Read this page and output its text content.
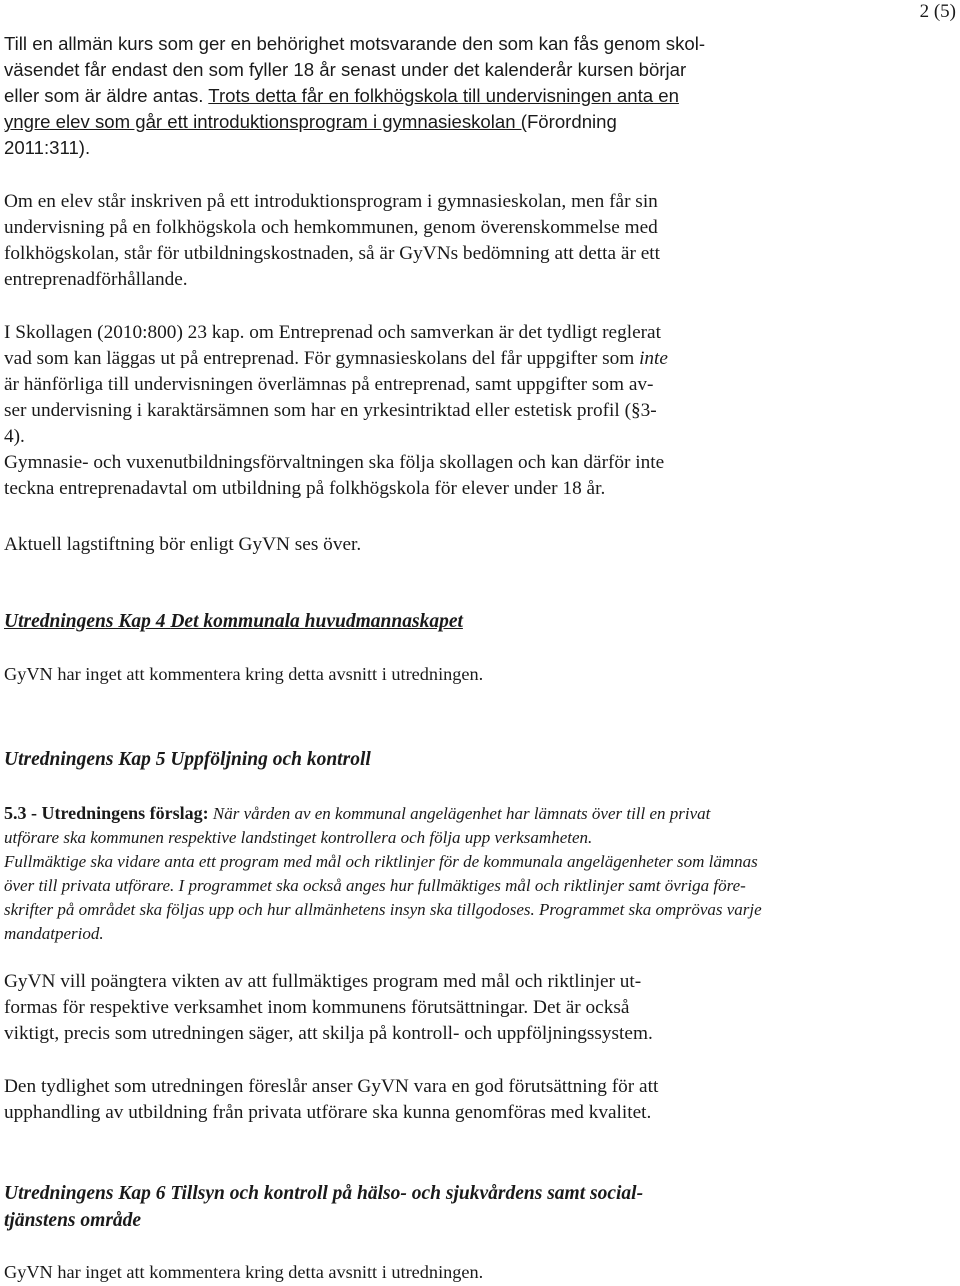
2 (5)
Till en allmän kurs som ger en behörighet motsvarande den som kan fås genom skol-
väsendet får endast den som fyller 18 år senast under det kalenderår kursen börjar
eller som är äldre antas. Trots detta får en folkhögskola till undervisningen anta en
yngre elev som går ett introduktionsprogram i gymnasieskolan (Förordning
2011:311).
Om en elev står inskriven på ett introduktionsprogram i gymnasieskolan, men får sin
undervisning på en folkhögskola och hemkommunen, genom överenskommelse med
folkhögskolan, står för utbildningskostnaden, så är GyVNs bedömning att detta är ett
entreprenadförhållande.
I Skollagen (2010:800) 23 kap. om Entreprenad och samverkan är det tydligt reglerat
vad som kan läggas ut på entreprenad. För gymnasieskolans del får uppgifter som inte
är hänförliga till undervisningen överlämnas på entreprenad, samt uppgifter som av-
ser undervisning i karaktärsämnen som har en yrkesintriktad eller estetisk profil (§3-
4).
Gymnasie- och vuxenutbildningsförvaltningen ska följa skollagen och kan därför inte
teckna entreprenadavtal om utbildning på folkhögskola för elever under 18 år.
Aktuell lagstiftning bör enligt GyVN ses över.
Utredningens Kap 4 Det kommunala huvudmannaskapet
GyVN har inget att kommentera kring detta avsnitt i utredningen.
Utredningens Kap 5 Uppföljning och kontroll
5.3 - Utredningens förslag: När vården av en kommunal angelägenhet har lämnats över till en privat
utförare ska kommunen respektive landstinget kontrollera och följa upp verksamheten.
Fullmäktige ska vidare anta ett program med mål och riktlinjer för de kommunala angelägenheter som lämnas
över till privata utförare. I programmet ska också anges hur fullmäktiges mål och riktlinjer samt övriga före-
skrifter på området ska följas upp och hur allmänhetens insyn ska tillgodoses. Programmet ska omprövas varje
mandatperiod.
GyVN vill poängtera vikten av att fullmäktiges program med mål och riktlinjer ut-
formas för respektive verksamhet inom kommunens förutsättningar. Det är också
viktigt, precis som utredningen säger, att skilja på kontroll- och uppföljningssystem.
Den tydlighet som utredningen föreslår anser GyVN vara en god förutsättning för att
upphandling av utbildning från privata utförare ska kunna genomföras med kvalitet.
Utredningens Kap 6 Tillsyn och kontroll på hälso- och sjukvårdens samt social-
tjänstens område
GyVN har inget att kommentera kring detta avsnitt i utredningen.
